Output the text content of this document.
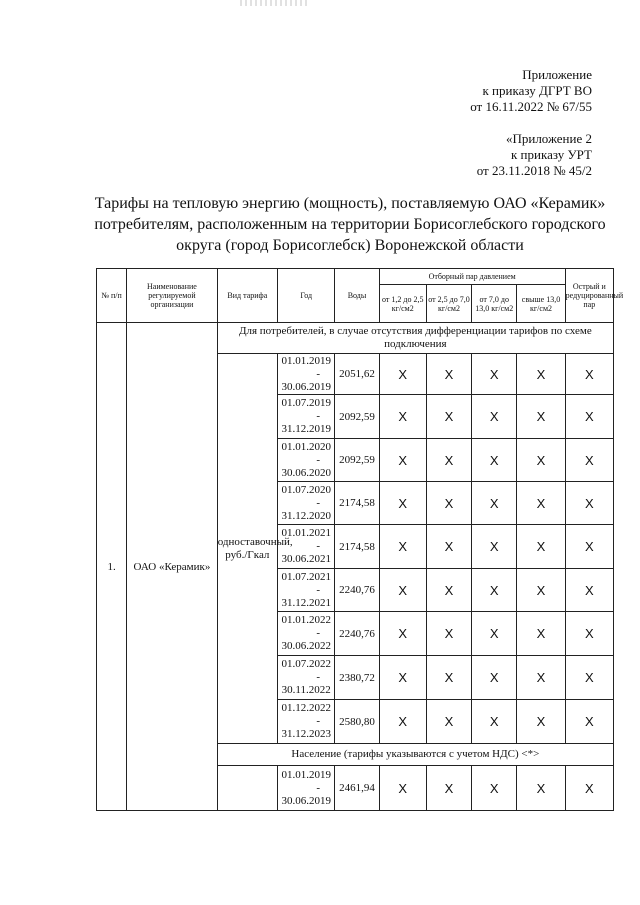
Приложение
к приказу ДГРТ ВО
от 16.11.2022 № 67/55
«Приложение 2
к приказу УРТ
от 23.11.2018 № 45/2
Тарифы на тепловую энергию (мощность), поставляемую ОАО «Керамик»
потребителям, расположенным на территории Борисоглебского городского
округа (город Борисоглебск) Воронежской области
№ п/п	Наименование регулируемой организации	Вид тарифа	Год	Воды	Отборный пар давлением				Острый и редуцированный пар
					от 1,2 до 2,5 кг/см2	от 2,5 до 7,0 кг/см2	от 7,0 до 13,0 кг/см2	свыше 13,0 кг/см2	
1.	ОАО «Керамик»	Для потребителей, в случае отсутствия дифференциации тарифов по схеме подключения							
		одноставочный, руб./Гкал	01.01.2019
-
30.06.2019	2051,62	X	X	X	X	X

			01.07.2019
-
31.12.2019	2092,59	X	X	X	X	X

			01.01.2020
-
30.06.2020	2092,59	X	X	X	X	X

			01.07.2020
-
31.12.2020	2174,58	X	X	X	X	X

			01.01.2021
-
30.06.2021	2174,58	X	X	X	X	X

			01.07.2021
-
31.12.2021	2240,76	X	X	X	X	X

			01.01.2022
-
30.06.2022	2240,76	X	X	X	X	X

			01.07.2022
-
30.11.2022	2380,72	X	X	X	X	X

			01.12.2022
-
31.12.2023	2580,80	X	X	X	X	X
		Население (тарифы указываются с учетом НДС) <*>							

			01.01.2019
-
30.06.2019	2461,94	X	X	X	X	X
